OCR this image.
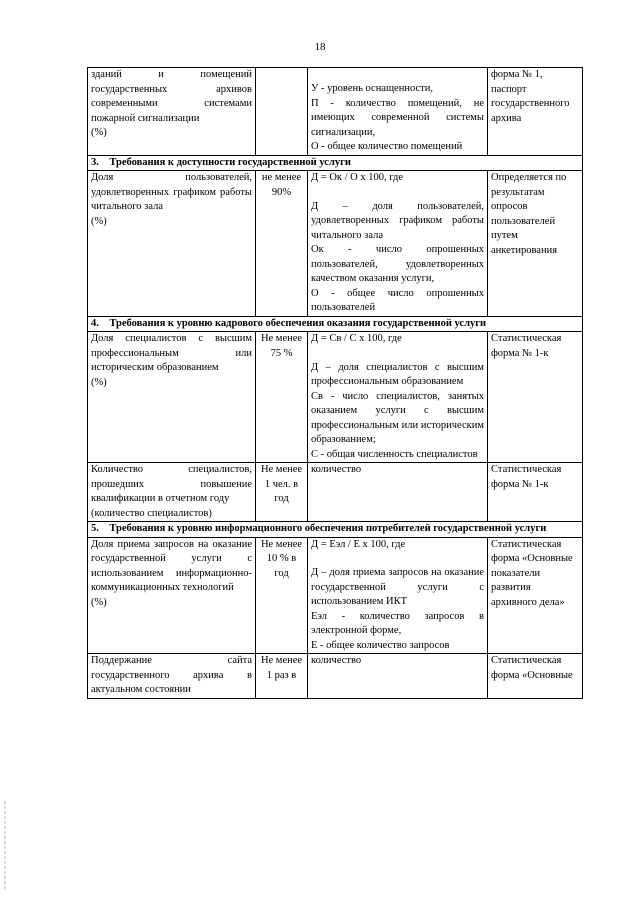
18
зданий и помещений государственных архивов современными системами пожарной сигнализации
(%)		У - уровень оснащенности,
П - количество помещений, не имеющих современной системы сигнализации,
О - общее количество помещений	форма № 1, паспорт государственного архива
3. Требования к доступности государственной услуги			
Доля пользователей, удовлетворенных графиком работы читального зала
(%)	не менее 90%	Д = Ок / О х 100, где
Д – доля пользователей, удовлетворенных графиком работы читального зала
Ок - число опрошенных пользователей, удовлетворенных качеством оказания услуги,
О - общее число опрошенных пользователей	Определяется по результатам опросов пользователей путем анкетирования
4. Требования к уровню кадрового обеспечения оказания государственной услуги			
Доля специалистов с высшим профессиональным или историческим образованием
(%)	Не менее 75 %	Д = Св / С х 100, где
Д – доля специалистов с высшим профессиональным образованием
Св - число специалистов, занятых оказанием услуги с высшим профессиональным или историческим образованием;
С - общая численность специалистов	Статистическая форма № 1-к
Количество специалистов, прошедших повышение квалификации в отчетном году
(количество специалистов)	Не менее 1 чел. в год	количество	Статистическая форма № 1-к
5. Требования к уровню информационного обеспечения потребителей государственной услуги			
Доля приема запросов на оказание государственной услуги с использованием информационно-коммуникационных технологий
(%)	Не менее 10 % в год	Д = Еэл / Е х 100, где
Д – доля приема запросов на оказание государственной услуги с использованием ИКТ
Еэл - количество запросов в электронной форме,
Е - общее количество запросов	Статистическая форма «Основные показатели развития архивного дела»
Поддержание сайта государственного архива в актуальном состоянии	Не менее 1 раз в	количество	Статистическая форма «Основные
